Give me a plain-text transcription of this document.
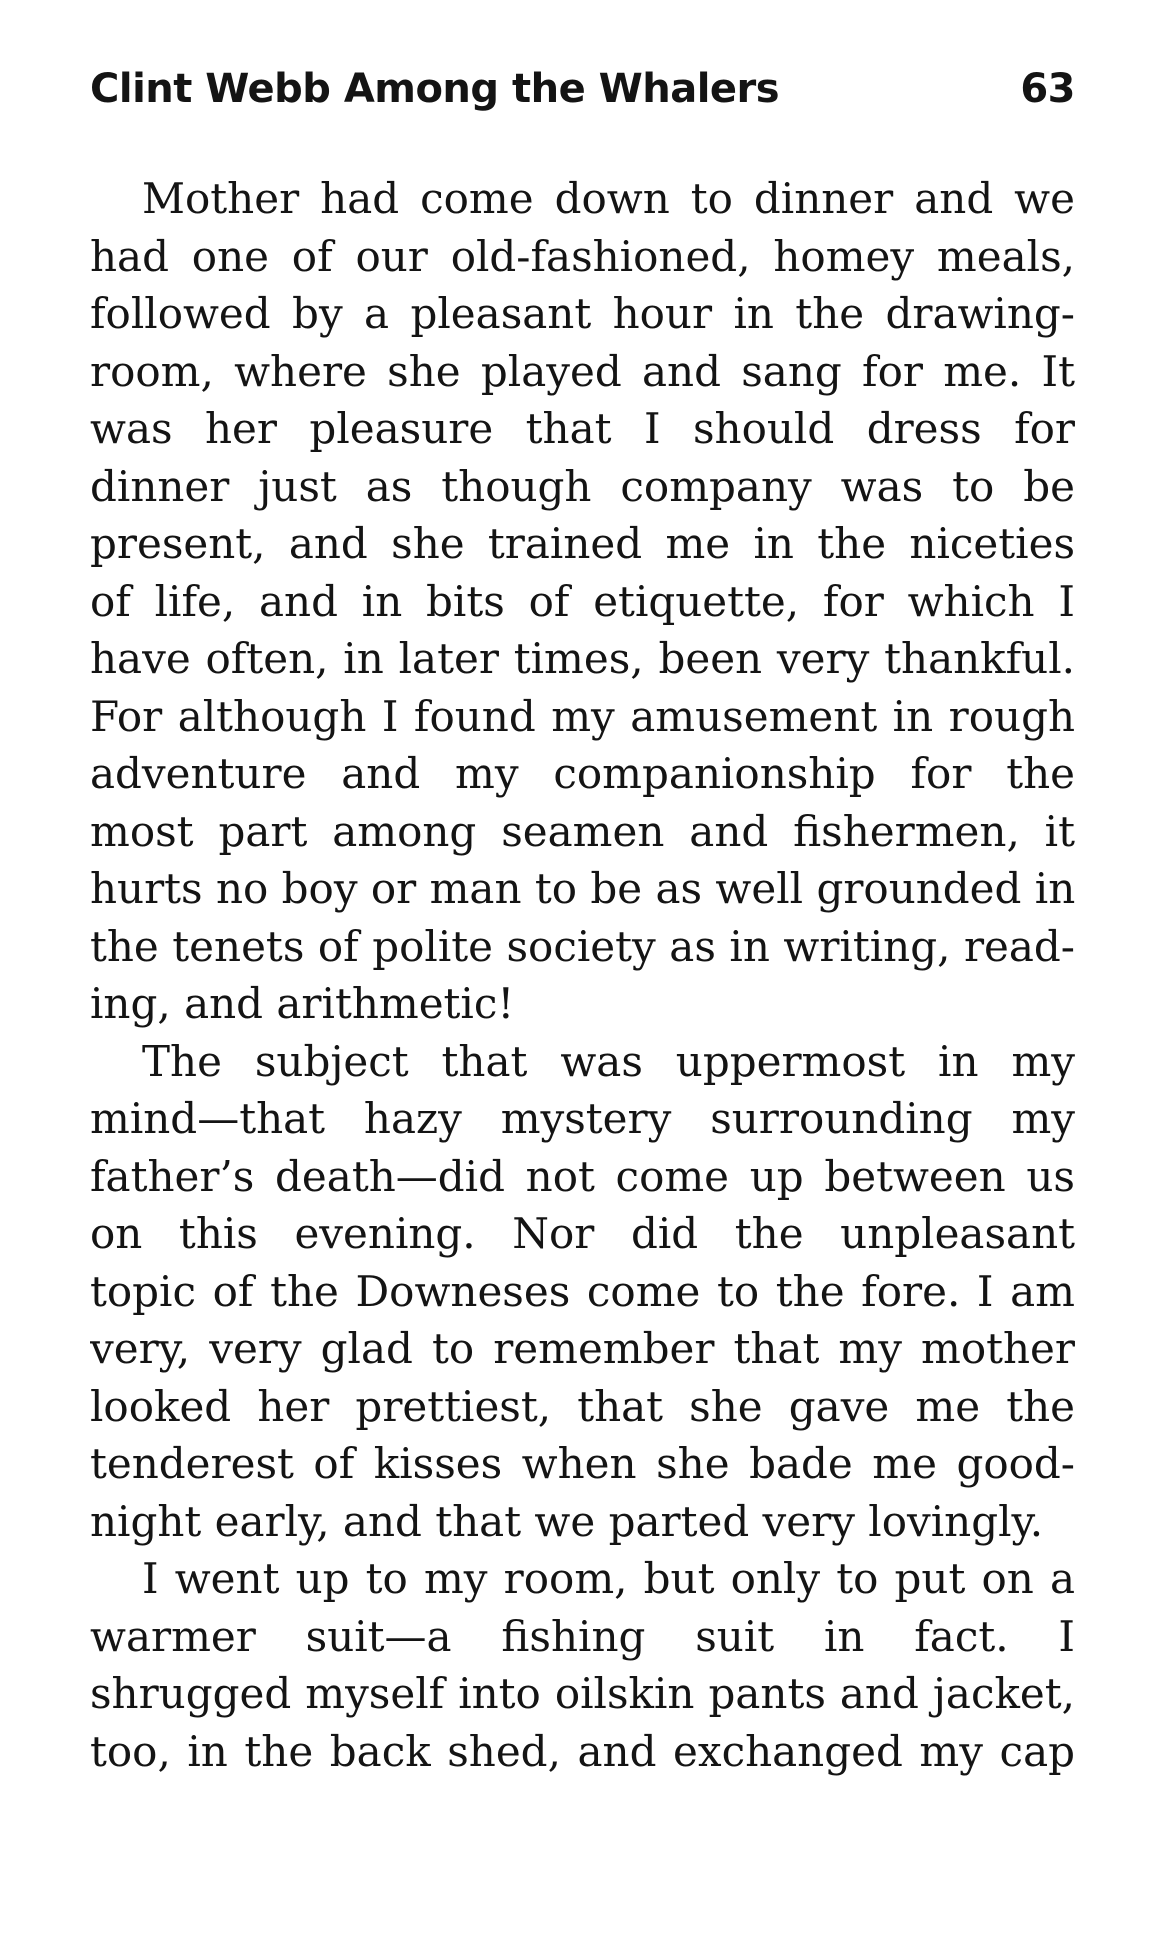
Clint Webb Among the Whalers	63
Mother had come down to dinner and we
had one of our old-fashioned, homey meals,
followed by a pleasant hour in the drawing-
room, where she played and sang for me. It
was her pleasure that I should dress for
dinner just as though company was to be
present, and she trained me in the niceties
of life, and in bits of etiquette, for which I
have often, in later times, been very thankful.
For although I found my amusement in rough
adventure and my companionship for the
most part among seamen and fishermen, it
hurts no boy or man to be as well grounded in
the tenets of polite society as in writing, read-
ing, and arithmetic!
The subject that was uppermost in my
mind—that hazy mystery surrounding my
father’s death—did not come up between us
on this evening. Nor did the unpleasant
topic of the Downeses come to the fore. I am
very, very glad to remember that my mother
looked her prettiest, that she gave me the
tenderest of kisses when she bade me good-
night early, and that we parted very lovingly.
I went up to my room, but only to put on a
warmer suit—a fishing suit in fact. I
shrugged myself into oilskin pants and jacket,
too, in the back shed, and exchanged my cap
